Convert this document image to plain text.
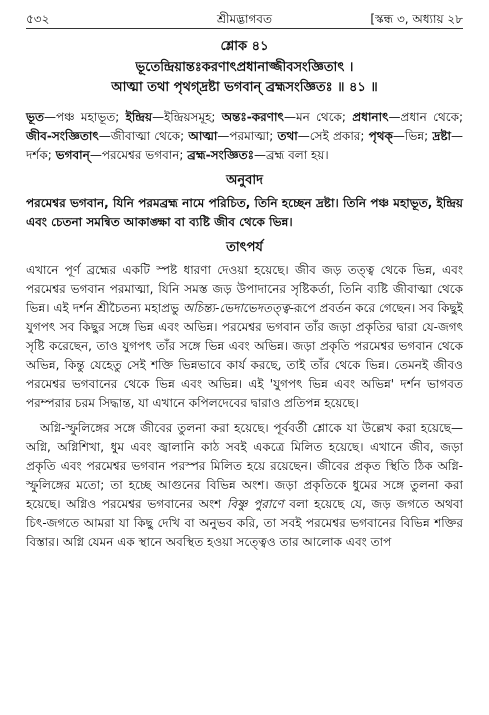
৫৩২	শ্রীমদ্ভাগবত	[স্কন্ধ ৩, অধ্যায় ২৮
শ্লোক ৪১
ভূতেন্দ্রিয়ান্তঃকরণাৎপ্রধানাজ্জীবসংজ্ঞিতাৎ ।
আত্মা তথা পৃথগ্দ্রষ্টা ভগবান্ ব্রহ্মসংজ্ঞিতঃ ॥ ৪১ ॥
ভূত—পঞ্চ মহাভূত; ইন্দ্রিয়—ইন্দ্রিয়সমূহ; অন্তঃ-করণাৎ—মন থেকে; প্রধানাৎ—প্রধান থেকে; জীব-সংজ্ঞিতাৎ—জীবাত্মা থেকে; আত্মা—পরমাত্মা; তথা—সেই প্রকার; পৃথক্—ভিন্ন; দ্রষ্টা—দর্শক; ভগবান্—পরমেশ্বর ভগবান; ব্রহ্ম-সংজ্ঞিতঃ—ব্রহ্ম বলা হয়।
অনুবাদ
পরমেশ্বর ভগবান, যিনি পরমব্রহ্ম নামে পরিচিত, তিনি হচ্ছেন দ্রষ্টা। তিনি পঞ্চ মহাভূত, ইন্দ্রিয় এবং চেতনা সমন্বিত আকাঙ্ক্ষা বা ব্যষ্টি জীব থেকে ভিন্ন।
তাৎপর্য
এখানে পূর্ণ ব্রহ্মের একটি স্পষ্ট ধারণা দেওয়া হয়েছে। জীব জড় তত্ত্ব থেকে ভিন্ন, এবং পরমেশ্বর ভগবান পরমাত্মা, যিনি সমস্ত জড় উপাদানের সৃষ্টিকর্তা, তিনি ব্যষ্টি জীবাত্মা থেকে ভিন্ন। এই দর্শন শ্রীচৈতন্য মহাপ্রভু অচিন্ত্য-ভেদাভেদতত্ত্ব-রূপে প্রবর্তন করে গেছেন। সব কিছুই যুগপৎ সব কিছুর সঙ্গে ভিন্ন এবং অভিন্ন। পরমেশ্বর ভগবান তাঁর জড়া প্রকৃতির দ্বারা যে-জগৎ সৃষ্টি করেছেন, তাও যুগপৎ তাঁর সঙ্গে ভিন্ন এবং অভিন্ন। জড়া প্রকৃতি পরমেশ্বর ভগবান থেকে অভিন্ন, কিন্তু যেহেতু সেই শক্তি ভিন্নভাবে কার্য করছে, তাই তাঁর থেকে ভিন্ন। তেমনই জীবও পরমেশ্বর ভগবানের থেকে ভিন্ন এবং অভিন্ন। এই 'যুগপৎ ভিন্ন এবং অভিন্ন' দর্শন ভাগবত পরম্পরার চরম সিদ্ধান্ত, যা এখানে কপিলদেবের দ্বারাও প্রতিপন্ন হয়েছে।
অগ্নি-স্ফুলিঙ্গের সঙ্গে জীবের তুলনা করা হয়েছে। পূর্ববর্তী শ্লোকে যা উল্লেখ করা হয়েছে—অগ্নি, অগ্নিশিখা, ধুম এবং জ্বালানি কাঠ সবই একত্রে মিলিত হয়েছে। এখানে জীব, জড়া প্রকৃতি এবং পরমেশ্বর ভগবান পরস্পর মিলিত হয়ে রয়েছেন। জীবের প্রকৃত স্থিতি ঠিক অগ্নি-স্ফুলিঙ্গের মতো; তা হচ্ছে আগুনের বিভিন্ন অংশ। জড়া প্রকৃতিকে ধুমের সঙ্গে তুলনা করা হয়েছে। অগ্নিও পরমেশ্বর ভগবানের অংশ বিষ্ণু পুরাণে বলা হয়েছে যে, জড় জগতে অথবা চিৎ-জগতে আমরা যা কিছু দেখি বা অনুভব করি, তা সবই পরমেশ্বর ভগবানের বিভিন্ন শক্তির বিস্তার। অগ্নি যেমন এক স্থানে অবস্থিত হওয়া সত্ত্বেও তার আলোক এবং তাপ
